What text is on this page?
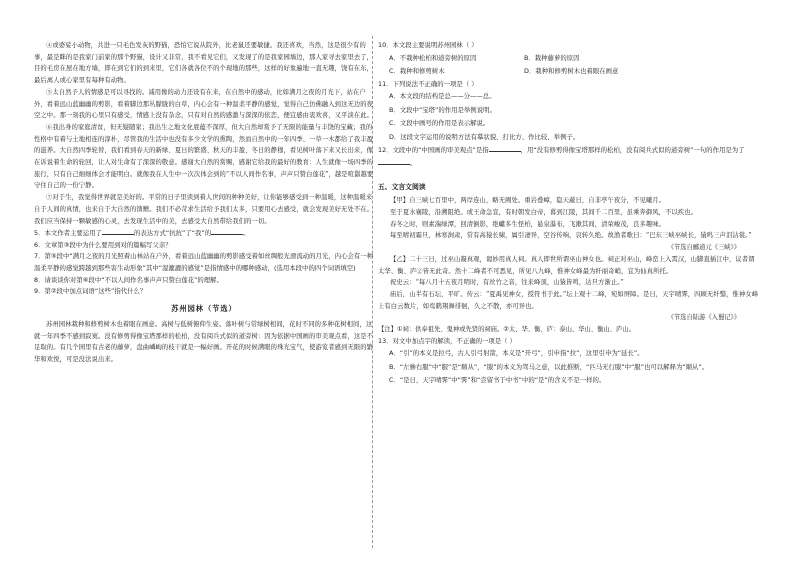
④或婆娑小动物，共进一只毛色发灰的野猫，恐怕它说从院外，比老鼠还要敏捷。我还喜欢，当然，这是很少有的事，最是眯的是我家门前家的那个野猫，设计又非常，我不看见它们，又发现了的是我家园墙边，那人家寻去家里去了，目的毛房在屋在地方墙，即在到它们的到来里，它们各就各位不的个现地的那些，这样的好象遍地一直无趣，饶有在东，最后离人或心家里有每种有动物。

⑤太自然予人的情感是可以寻找的。减用像的动力还设有在来，在自然中的感动，比如满月之夜的月光下，站在户外，看着远山蓝幽幽的剪影，看着脚边那丛朦胧的白草，内心会有一种温柔平静的感觉，觉得自己仿佛融入到这无边的夜空之中。那一刻我的心里只有感受，情感上没有杂念，只有对自然的感激与深深的依恋，便宜感由衷欢喜，又平淡在此。

⑥我出身的家庭清贫，但无疑随家；我出生之地文化底蕴不深厚，但大自然却赏予了无限的能量与丰饶的宝藏；我的性格中有着与土地相连的淳朴，尽管我的生活中也没有多少文学的熏陶，然而自然中的一年四季、一草一木都给了我丰盈的滋养。大自然四季轮替，我们看到春天的新绿、夏日的繁盛、秋天的丰盈、冬日的静穆，看见树叶落下来又长出来，像在诉说着生命的轮回，让人对生命有了深深的敬意。感谢大自然的赏赐，感谢它给我的最好的教育：人生就像一场四季的旅行，只有自己细细体会才能明白。就像我在人生中一次次体会到的“不以人间作名事，声声只赞白莲花”，越是喧嚣越要守住自己的一份宁静。

⑦对于生，我觉得世界就是美好的。平常的日子里读到着人世间的种种美好，让你能够感受到一种温暖，这种温暖来自于人间的真情，也来自于大自然的馈赠。我们不必苛求生活给予我们太多，只要用心去感受，就会发现美好无处不在。我们应当保持一颗敏感的心灵，去发现生活中的美，去感受大自然带给我们的一切。

5．本文作者主要运用了	的表达方式“抗抗”了“我”的	。

6．文章第③段中为什么要用到对的篇幅写父亲？

7．第⑤段中“满月之夜的月光照着山林站在户外，看着远山蓝幽幽的剪影感受着如丝绸般光滑流动的月光，内心会有一种温柔平静的感觉跨越到那些害生动形象”其中“湿漉漉的感觉”是指情感中的哪种感动，(选用本段中的四个词语填空)

8．请谈谈你对第⑥段中“不以人间作名事声声只赞白莲花”的理解。

9．第②段中加点词语“这些”指代什么？

苏州园林（节选）

苏州园林栽种和修剪树木也着眼在画意。高树与低树俯仰生姿。落叶树与常绿树相间，花时不同的多种花树相间，这就一年四季不感到寂寞。没有修剪得像宝塔那样的松柏，没有阅兵式似的道旁树：因为依据中国画的审美观点看，这是不足取的。有几个园里有古老的藤萝，盘曲嶙峋的枝干就是一幅好画。开花的时候满眼的珠光宝气，使游览者感到无限的繁华和欢悦，可是没法说出来。

10．本文段主要说明苏州园林（ ）

A．不栽种松柏和道旁树的原因	B．栽种藤萝的原因
C．栽种和修剪树木	D．栽种和修剪树木也着眼在画意

11．下列说法不正确的一项是（ ）

A．本文段的结构是总——分——总。

B．文段中“宝塔”的作用是举例说明。

C．文段中画号的作用是表示解说。

D．这段文字运用的说明方法有摹状貌、打比方、作比较、举例子。

12．文段中的“中国画的审美观点”是指	，用“没有修剪得像宝塔那样的松柏，没有阅兵式似的道旁树”一句的作用是为了。

五、文言文阅读

【甲】自三峡七百里中，两岸连山，略无阙处。重岩叠嶂，隐天蔽日，自非亭午夜分，不见曦月。

至于夏水襄陵，沿溯阻绝。或王命急宣，有时朝发白帝，暮到江陵，其间千二百里，虽乘奔御风，不以疾也。

春冬之时，则素湍绿潭，回清倒影，绝巘多生怪柏，悬泉瀑布，飞漱其间，清荣峻茂，良多趣味。

每至晴初霜旦，林寒涧肃，常有高猿长啸，属引凄异，空谷传响，哀转久绝。故渔者歌曰：“巴东三峡巫峡长，猿鸣三声泪沾裳。”

《节选自郦道元《三峡》》

【乙】二十三日，过巫山凝真观，谒妙用真人祠。真人即世所谓巫山神女也。祠正对巫山，峰峦上入霄汉，山脚直插江中，议者谓太华、衡、庐②皆无此奇。然十二峰者不可悉见，所见八九峰，惟神女峰最为纤丽奇峭，宜为仙真所托。

祝史云：“每八月十五夜月明时，有丝竹之音，往来峰顶，山猿皆鸣，达旦方渐止。”

庙后，山半有石坛，平旷。传云：“夏禹见神女，授符书于此。”坛上观十二峰，宛如屏障。是日，天宇晴霁，四顾无纤翳，惟神女峰上有白云数片，如鸾鹤翔舞徘徊，久之不散，亦可异也。

《节选自陆游《入蜀记》》

【注】①祠：供奉祖先、鬼神或先贤的祠庙。②太、华、衡、庐：泰山、华山、衡山、庐山。

13．对文中加点字的解读，不正确的一项是（ ）

A．“引”的本义是拉弓，古人引弓射箭，本义是“开弓”，引申指“拉”，这里引申为“延长”。

B．“左骖右服”中“服”是“顺从”，“服”的本义为驾马之意，以此推断，“匹马无行服”中“服”也可以解释为“顺从”。

C．“是日，天宇晴霁”中“霁”和“尝留书于中书”中的“是”的含义不是一样的。
